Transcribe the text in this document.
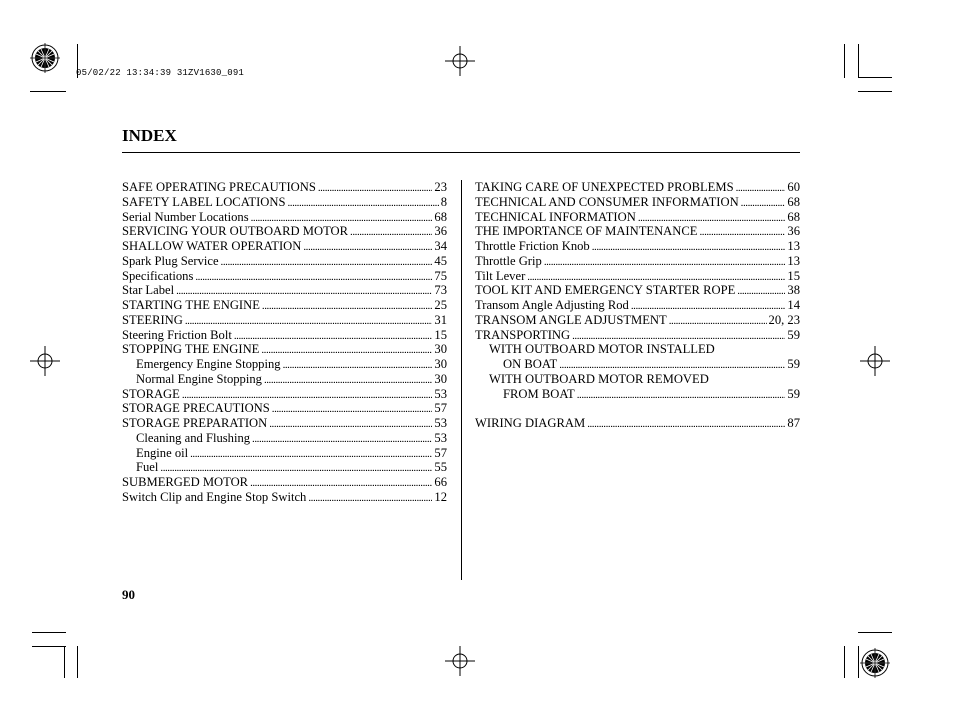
05/02/22 13:34:39 31ZV1630_091
INDEX
SAFE OPERATING PRECAUTIONS . . .	23
SAFETY LABEL LOCATIONS . . .	8
Serial Number Locations . . .	68
SERVICING YOUR OUTBOARD MOTOR . . .	36
SHALLOW WATER OPERATION . . .	34
Spark Plug Service . . .	45
Specifications . . .	75
Star Label . . .	73
STARTING THE ENGINE . . .	25
STEERING . . .	31
Steering Friction Bolt . . .	15
STOPPING THE ENGINE . . .	30
Emergency Engine Stopping . . .	30
Normal Engine Stopping . . .	30
STORAGE . . .	53
STORAGE PRECAUTIONS . . .	57
STORAGE PREPARATION . . .	53
Cleaning and Flushing . . .	53
Engine oil . . .	57
Fuel . . .	55
SUBMERGED MOTOR . . .	66
Switch Clip and Engine Stop Switch . . .	12
TAKING CARE OF UNEXPECTED PROBLEMS . . .	60
TECHNICAL AND CONSUMER INFORMATION . . .	68
TECHNICAL INFORMATION . . .	68
THE IMPORTANCE OF MAINTENANCE . . .	36
Throttle Friction Knob . . .	13
Throttle Grip . . .	13
Tilt Lever . . .	15
TOOL KIT AND EMERGENCY STARTER ROPE . . .	38
Transom Angle Adjusting Rod . . .	14
TRANSOM ANGLE ADJUSTMENT . . .	20, 23
TRANSPORTING . . .	59
WITH OUTBOARD MOTOR INSTALLED
ON BOAT . . .	59
WITH OUTBOARD MOTOR REMOVED
FROM BOAT . . .	59
WIRING DIAGRAM . . .	87
90
